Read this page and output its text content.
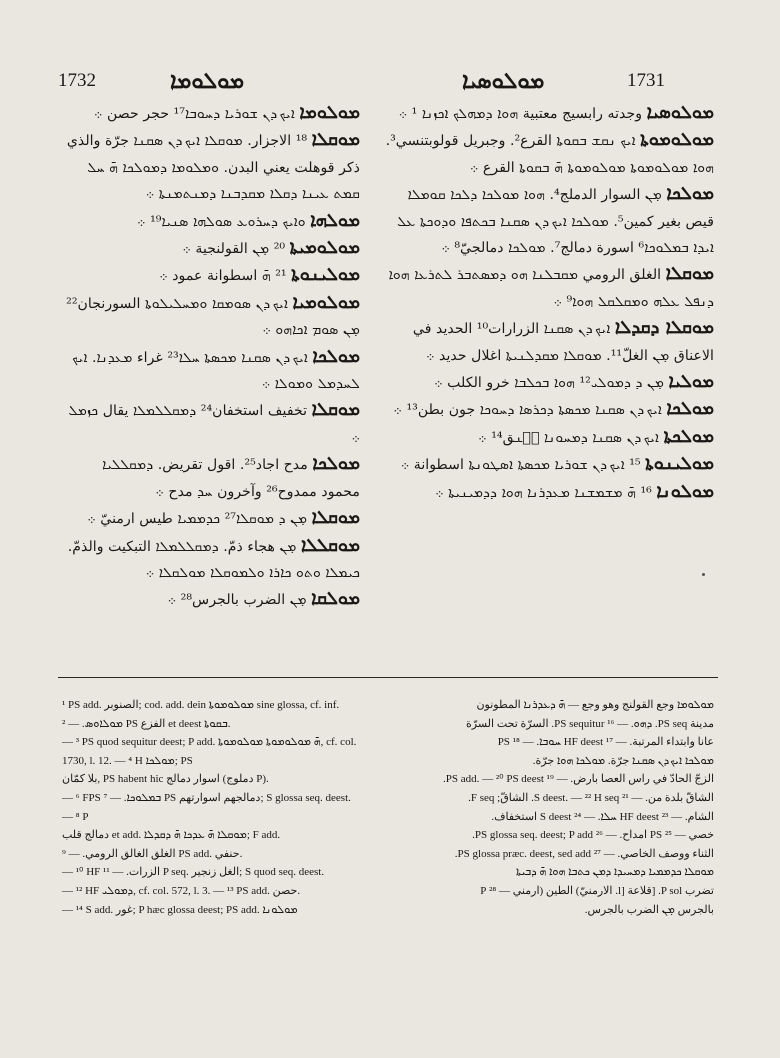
1732	ܡܘܠܘܡܐ	ܡܘܠܘܣܝܐ	1731

ܡܘܠܘܡܐ ܐܝܟ ܕܢ ܫܘܪܝܐ ܕܚܘܒܐ¹⁷ حجر حصن ܀

ܡܘܩܠܐ ¹⁸ الاجزار. ܡܘܩܠܐ ܐܝܟ ܕܢ ܣܩܢܐ جرّة والذي ذكر قوهلت يعني البدن. ܘܡܠܘܡܐ ܕܡܘܠܟܐ ܗ̄ ܚܠ ܩܡܬ ܥܝܢܐ ܕܩܠܐ ܡܩܕܒܢܐ ܕܡܢܬܡܢܬܐ ܀

ܡܘܠܗܐ ܘܐܝܟ ܕܚܪܘܥ ܣܘܠܗܐ ܣܢܝܐ¹⁹ ܀

ܡܘܠܘܡܝܬܐ ²⁰ ܡ̣ܢ القولنجية ܀

ܡܘܠܝܢܘܬܐ ²¹ ܗ̄ اسطوانة عمود ܀

ܡܘܠܘܡܝܐ ܐܝܟ ܕܢ ܣܘܡܩܐ ܘܡܚܠܝܠܘܬܐ السورنجان²² ܡ̣ܢ ܣܘܡ ܐܟܐܗܘ ܀

ܡܘܠܟܐ ܐܝܟ ܕܢ ܣܩܢܐ ܡܟܣܬܐ ܚܠܐ²³ غراء ܡܥܕܢܐ. ܐܝܟ ܠܚܕܡܠ ܘܡܘܠܐ ܀

ܡܘܩܠܐ تخفيف استخفان²⁴ ܕܡܩܠܠܡܠܐ يقال ܟܙܡܠ ܀

ܡܘܠܟܐ مدح اجاد²⁵. اقول تقريض. ܕܡܩܠܠܝܐ محمود ممدوح²⁶ وآخرون ܚܕ مدح ܀

ܡܘܩܠܐ ܡ̣ܢ ܕ ܡܘܩܠܐ²⁷ ܟܕܡܡܝܐ طيس ارمنيّ ܀

ܡܘܩܠܠܐ ܡ̣ܢ هجاء ذمّ. ܕܡܩܠܠܡܠܐ التبكيت والذمّ. ܟܝܡܠܐ ܘܬܘ ܟܐܪܐ ܘܠܡܘܩܠܐ ܡܘܠܩܠܐ ܀

ܡܘܠܩܐ ܡ̣ܢ الضرب بالجرس²⁸ ܀

ܡܘܠܘܣܝܐ وجدته رابسيج معتبية ܗܘܐ ܕܡܗܠܟ ܐܟܙܢܐ ¹ ܀

ܡܘܠܘܡܘܬܐ ܐܝܟ ܢܩܫ ܒܩܘܬܐ القرع². وجبريل قولوبتنسي³. ܗܘܐ ܡܘܠܘܡܘܬܐ ܡܘܠܘܡܘܬܐ ܗ̄ ܒܩܘܬܐ القرع ܀

ܡܘܠܟܐ ܡ̣ܢ السوار الدملج⁴. ܗܘܐ ܡܘܠܟܐ ܕܠܟܐ ܩܘܡܠܐ قيص بغير كمين⁵. ܡܘܠܟܐ ܐܝܟ ܕܢ ܣܩܢܐ ܒܟܬܦܐ ܘܕܘܟܬܐ ܥܠ ܐܝܕܐ ܒܡܠܘܟܐ⁶ اسورة دمالج⁷. ܡܘܠܟܐ دمالجيّ⁸ ܀

ܡܘܩܠܐ الغلق الرومي ܡܩܒܠܢܐ ܗܘ ܕܡܣܬܒܪ ܠܬܪܥܐ ܗܘܐ ܕܢܦܠ ܥܠܗ ܘܡܩܠܩܠ ܗܘܐ⁹ ܀

ܡܘܩܠܐ ܕܩܕܠܐ ܐܝܟ ܕܢ ܣܩܢܐ الزرارات¹⁰ الحديد في الاعناق ܡ̣ܢ الغلّ¹¹. ܡܘܩܠܐ ܡܩܕܠܢܝܬܐ اغلال حديد ܀

ܡܘܠܝܐ ܡ̣ܢ ܕ ܕܡܘܠܝ¹² ܗܘܐ ܒܟܠܒܐ خرو الكلب ܀

ܡܘܠܟܐ ܐܝܟ ܕܢ ܣܩܢܐ ܡܟܣܬܐ ܕܟܪܣܐ ܕܚܘܟܐ جون بطن¹³ ܀

ܡܘܠܟܬܐ ܐܝܟ ܕܢ ܣܩܢܐ ܕܡܚܘܢܐ ܥُܢق¹⁴ ܀

ܡܘܠܝܢܘܬܐ ¹⁵ ܐܝܟ ܕܢ ܫܘܪܝܐ ܡܟܣܬܐ ܐܣܛܘܢܬܐ اسطوانة ܀

ܡܘܠܘܢܐ ¹⁶ ܗ̄ ܡܫܡܫܢܐ ܡܥܕܪܢܐ ܗܘܐ ܕܕܡܝܢܝܬܐ ܀

¹ PS add. الصنوبر; cod. add. dein ܡܘܠܘܡܘܬܐ sine glossa, cf. inf. ܡܘܠܐܘܣ. — ² PS الفزع et deest ܒܩܘܬܐ.

— ³ PS quod sequitur deest; P add. ܗ̄ ܡܘܠܘܡܘܬܐ ܡܘܠܘܡܘܬܐ, cf. col. 1730, l. 12. — ⁴ H ܡܘܠܟܐ; PS

بلا كمّان, PS habent hic اسوار دمالج (دملوج P).

— ⁶ FPS ܒܡܠܘܟܐ. — ⁷ PS دمالجهم اسوارتهم; S glossa seq. deest. — ⁸ P

دمالج قلب et add. ܡܘܩܠܐ ܗ̄ ܥܕܟܐ ܗ̄ ܕܩܕܠܐ; F add.

الغلق الغالق الرومي. — ⁹ PS add. حنفي.

— ¹⁰ HF الزرات. — ¹¹ P seq. الغل زنجير; S quod seq. deest.

— ¹² HF ܕܡܘܠܝ, cf. col. 572, l. 3. — ¹³ PS add. حصن.

— ¹⁴ S add. غور; P hæc glossa deest; PS add. ܡܘܠܘܢܐ

ܡܘܠܘܡܐ وجع القولنج وهو وجع — ܗ̄ ܕܥܕܪܢܐ المطونون

مدينة PS seq. ܕܗܘ. — ¹⁶ PS sequitur. السرّة تحت السرّة

عانا وابتداء المرتبة. — ¹⁷ HF deest ܚܘܒܐ. — ¹⁸ PS

ܡܘܠܟܐ ܐܝܟ ܕܢ ܣܩܢܐ جرّة. ܡܘܠܟܐ ܗܘܐ جرّة.

الزجّ الحادّ في راس العصا بارض. — ¹⁹ PS add. — ²⁰ PS deest.

الشاقّ بلدة من. — ²¹ S deest. — ²² H seq. الشاقّ; F seq.

الشام. — ²³ HF deest ܚܠܐ. — ²⁴ S deest استخفاف.

خصي — ²⁵ PS امداح. — ²⁶ PS glossa seq. deest; P add.

الثناء ووصف الخاصي. — ²⁷ PS glossa præc. deest, sed add.

ܡܘܩܠܐ ܟܕܡܡܝܐ ܕܡܚܝܕܐ ܕܡܢ ܟܬܒܐ ܗܘܐ ܗ̄ ܕܒܝܬܐ

تضرب P sol. [قلاعة [l. الارمنيّ) الطين (ارمني — ²⁸ P

بالجرس ܡ̣ܢ الضرب بالجرس.
